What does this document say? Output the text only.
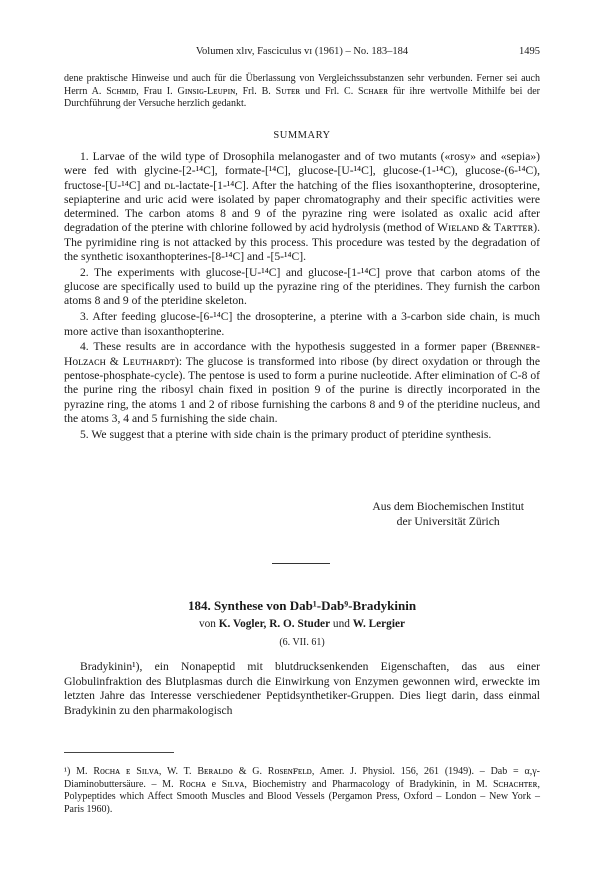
Volumen xlɪv, Fasciculus vɪ (1961) – No. 183–184	1495

dene praktische Hinweise und auch für die Überlassung von Vergleichssubstanzen sehr verbunden. Ferner sei auch Herrn A. Sᴄʜᴍɪᴅ, Frau I. Gɪɴsɪɢ-Lᴇᴜᴘɪɴ, Frl. B. Sᴜᴛᴇʀ und Frl. C. Sᴄʜᴀᴇʀ für ihre wertvolle Mithilfe bei der Durchführung der Versuche herzlich gedankt.

SUMMARY

1. Larvae of the wild type of Drosophila melanogaster and of two mutants («rosy» and «sepia») were fed with glycine-[2-¹⁴C], formate-[¹⁴C], glucose-[U-¹⁴C], glucose-(1-¹⁴C), glucose-(6-¹⁴C), fructose-[U-¹⁴C] and ᴅʟ-lactate-[1-¹⁴C]. After the hatching of the flies isoxanthopterine, drosopterine, sepiapterine and uric acid were isolated by paper chromatography and their specific activities were determined. The carbon atoms 8 and 9 of the pyrazine ring were isolated as oxalic acid after degradation of the pterine with chlorine followed by acid hydrolysis (method of Wɪᴇʟᴀɴᴅ & Tᴀʀᴛᴛᴇʀ). The pyrimidine ring is not attacked by this process. This procedure was tested by the degradation of the synthetic isoxanthopterines-[8-¹⁴C] and -[5-¹⁴C].

2. The experiments with glucose-[U-¹⁴C] and glucose-[1-¹⁴C] prove that carbon atoms of the glucose are specifically used to build up the pyrazine ring of the pteridines. They furnish the carbon atoms 8 and 9 of the pteridine skeleton.

3. After feeding glucose-[6-¹⁴C] the drosopterine, a pterine with a 3-carbon side chain, is much more active than isoxanthopterine.

4. These results are in accordance with the hypothesis suggested in a former paper (Bʀᴇɴɴᴇʀ-Hᴏʟᴢᴀᴄʜ & Lᴇᴜᴛʜᴀʀᴅᴛ): The glucose is transformed into ribose (by direct oxydation or through the pentose-phosphate-cycle). The pentose is used to form a purine nucleotide. After elimination of C-8 of the purine ring the ribosyl chain fixed in position 9 of the purine is directly incorporated in the pyrazine ring, the atoms 1 and 2 of ribose furnishing the carbons 8 and 9 of the pteridine nucleus, and the atoms 3, 4 and 5 furnishing the side chain.

5. We suggest that a pterine with side chain is the primary product of pteridine synthesis.

Aus dem Biochemischen Institut
der Universität Zürich
184. Synthese von Dab¹-Dab⁹-Bradykinin
von K. Vogler, R. O. Studer und W. Lergier
(6. VII. 61)

Bradykinin¹), ein Nonapeptid mit blutdrucksenkenden Eigenschaften, das aus einer Globulinfraktion des Blutplasmas durch die Einwirkung von Enzymen gewonnen wird, erweckte im letzten Jahre das Interesse verschiedener Peptidsynthetiker-Gruppen. Dies liegt darin, dass einmal Bradykinin zu den pharmakologisch

¹) M. Rᴏᴄʜᴀ ᴇ Sɪʟᴠᴀ, W. T. Bᴇʀᴀʟᴅᴏ & G. Rᴏsᴇɴꜰᴇʟᴅ, Amer. J. Physiol. 156, 261 (1949). – Dab = α,γ-Diaminobuttersäure. – M. Rᴏᴄʜᴀ e Sɪʟᴠᴀ, Biochemistry and Pharmacology of Bradykinin, in M. Sᴄʜᴀᴄʜᴛᴇʀ, Polypeptides which Affect Smooth Muscles and Blood Vessels (Pergamon Press, Oxford – London – New York – Paris 1960).
